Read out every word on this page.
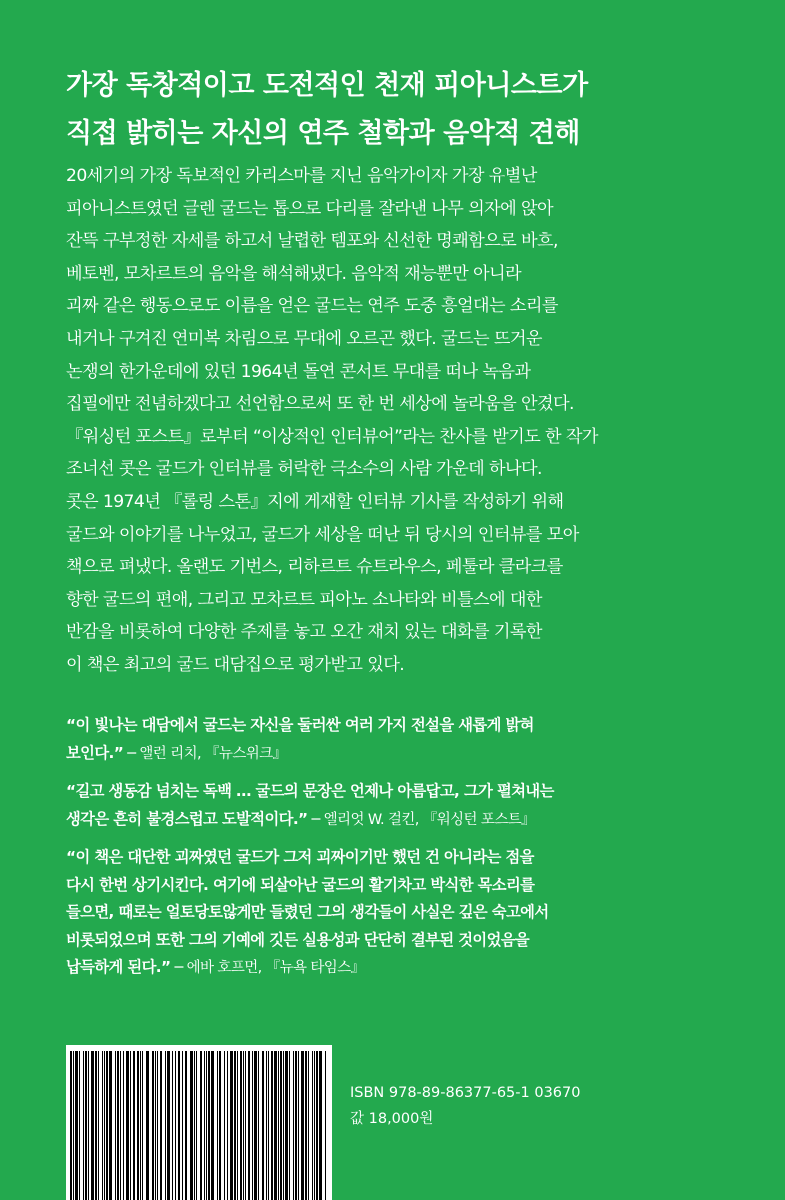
가장 독창적이고 도전적인 천재 피아니스트가
직접 밝히는 자신의 연주 철학과 음악적 견해
20세기의 가장 독보적인 카리스마를 지닌 음악가이자 가장 유별난
피아니스트였던 글렌 굴드는 톱으로 다리를 잘라낸 나무 의자에 앉아
잔뜩 구부정한 자세를 하고서 날렵한 템포와 신선한 명쾌함으로 바흐,
베토벤, 모차르트의 음악을 해석해냈다. 음악적 재능뿐만 아니라
괴짜 같은 행동으로도 이름을 얻은 굴드는 연주 도중 흥얼대는 소리를
내거나 구겨진 연미복 차림으로 무대에 오르곤 했다. 굴드는 뜨거운
논쟁의 한가운데에 있던 1964년 돌연 콘서트 무대를 떠나 녹음과
집필에만 전념하겠다고 선언함으로써 또 한 번 세상에 놀라움을 안겼다.
『워싱턴 포스트』로부터 “이상적인 인터뷰어”라는 찬사를 받기도 한 작가
조너선 콧은 굴드가 인터뷰를 허락한 극소수의 사람 가운데 하나다.
콧은 1974년 『롤링 스톤』지에 게재할 인터뷰 기사를 작성하기 위해
굴드와 이야기를 나누었고, 굴드가 세상을 떠난 뒤 당시의 인터뷰를 모아
책으로 펴냈다. 올랜도 기번스, 리하르트 슈트라우스, 페툴라 클라크를
향한 굴드의 편애, 그리고 모차르트 피아노 소나타와 비틀스에 대한
반감을 비롯하여 다양한 주제를 놓고 오간 재치 있는 대화를 기록한
이 책은 최고의 굴드 대담집으로 평가받고 있다.
“이 빛나는 대담에서 굴드는 자신을 둘러싼 여러 가지 전설을 새롭게 밝혀
보인다.” ─ 앨런 리치, 『뉴스위크』
“길고 생동감 넘치는 독백 … 굴드의 문장은 언제나 아름답고, 그가 펼쳐내는
생각은 흔히 불경스럽고 도발적이다.” ─ 엘리엇 W. 걸킨, 『워싱턴 포스트』
“이 책은 대단한 괴짜였던 굴드가 그저 괴짜이기만 했던 건 아니라는 점을
다시 한번 상기시킨다. 여기에 되살아난 굴드의 활기차고 박식한 목소리를
들으면, 때로는 얼토당토않게만 들렸던 그의 생각들이 사실은 깊은 숙고에서
비롯되었으며 또한 그의 기예에 깃든 실용성과 단단히 결부된 것이었음을
납득하게 된다.” ─ 에바 호프먼, 『뉴욕 타임스』
ISBN 978-89-86377-65-1 03670
값 18,000원
